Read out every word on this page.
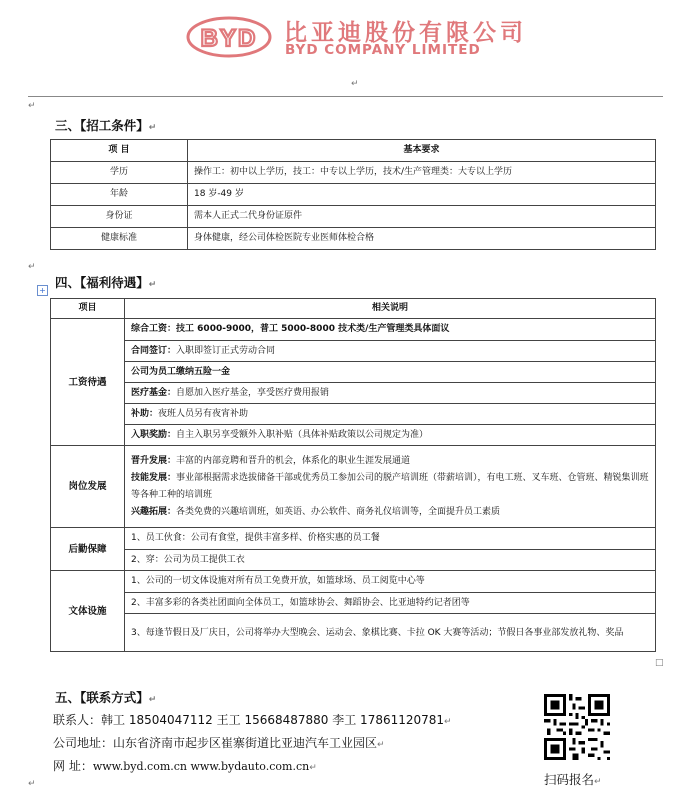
BYD 比亚迪股份有限公司
BYD COMPANY LIMITED
↵
↵
三、【招工条件】↵
项 目	基本要求
学历	操作工：初中以上学历，技工：中专以上学历，技术/生产管理类：大专以上学历
年龄	18 岁-49 岁
身份证	需本人正式二代身份证原件
健康标准	身体健康，经公司体检医院专业医师体检合格
↵
+
四、【福利待遇】↵
项目	相关说明
工资待遇	综合工资：技工 6000-9000，普工 5000-8000 技术类/生产管理类具体面议
	合同签订：入职即签订正式劳动合同
	公司为员工缴纳五险一金
	医疗基金：自愿加入医疗基金，享受医疗费用报销
	补助：夜班人员另有夜宵补助
	入职奖励：自主入职另享受额外入职补贴（具体补贴政策以公司规定为准）
岗位发展	晋升发展：丰富的内部竞聘和晋升的机会，体系化的职业生涯发展通道
技能发展：事业部根据需求选拔储备干部或优秀员工参加公司的脱产培训班（带薪培训），有电工班、叉车班、仓管班、精锐集训班等各种工种的培训班
兴趣拓展：各类免费的兴趣培训班，如英语、办公软件、商务礼仪培训等，全面提升员工素质

后勤保障	1、员工伙食：公司有食堂，提供丰富多样、价格实惠的员工餐
	2、穿：公司为员工提供工衣
文体设施	1、公司的一切文体设施对所有员工免费开放，如篮球场、员工阅览中心等
	2、丰富多彩的各类社团面向全体员工，如篮球协会、舞蹈协会、比亚迪特约记者团等
	3、每逢节假日及厂庆日，公司将举办大型晚会、运动会、象棋比赛、卡拉 OK 大赛等活动；节假日各事业部发放礼物、奖品
□
五、【联系方式】↵
联系人：韩工 18504047112 王工 15668487880 李工 17861120781↵
公司地址：山东省济南市起步区崔寨街道比亚迪汽车工业园区↵
网 址：www.byd.com.cn www.bydauto.com.cn↵
↵	扫码报名↵
